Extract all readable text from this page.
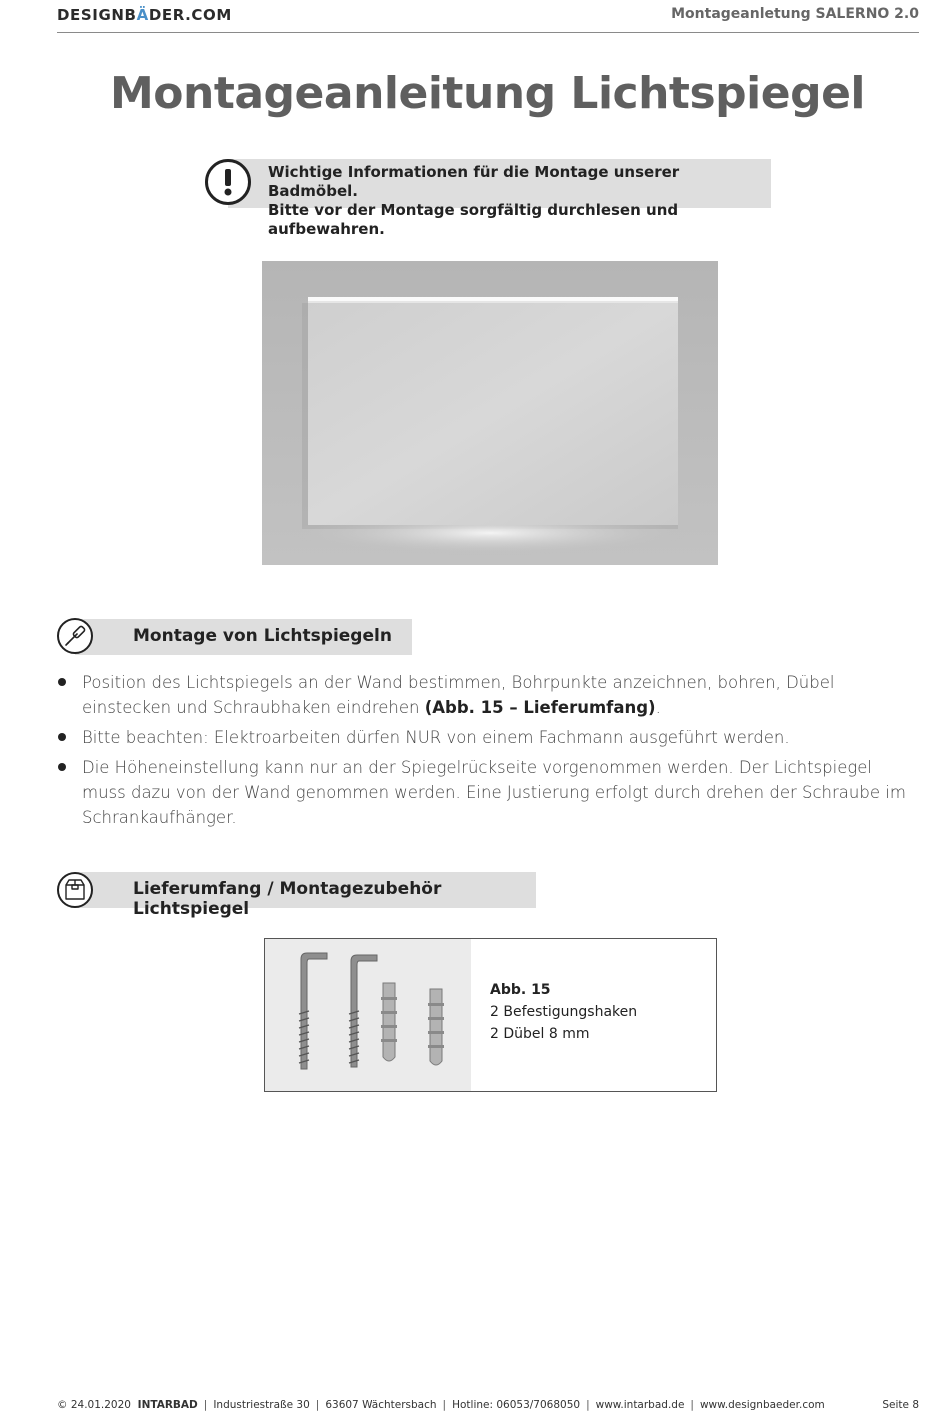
DESIGNBÄDER.COM	Montageanletung SALERNO 2.0
Montageanleitung Lichtspiegel
Wichtige Informationen für die Montage unserer Badmöbel.
Bitte vor der Montage sorgfältig durchlesen und aufbewahren.
Montage von Lichtspiegeln
Position des Lichtspiegels an der Wand bestimmen, Bohrpunkte anzeichnen, bohren, Dübel einstecken und Schraubhaken eindrehen (Abb. 15 – Lieferumfang).
Bitte beachten: Elektroarbeiten dürfen NUR von einem Fachmann ausgeführt werden.
Die Höheneinstellung kann nur an der Spiegelrückseite vorgenommen werden. Der Lichtspiegel muss dazu von der Wand genommen werden. Eine Justierung erfolgt durch drehen der Schraube im Schrankaufhänger.
Lieferumfang / Montagezubehör Lichtspiegel
Abb. 15
2 Befestigungshaken
2 Dübel 8 mm
© 24.01.2020 INTARBAD | Industriestraße 30 | 63607 Wächtersbach | Hotline: 06053/7068050 | www.intarbad.de | www.designbaeder.com	Seite 8
